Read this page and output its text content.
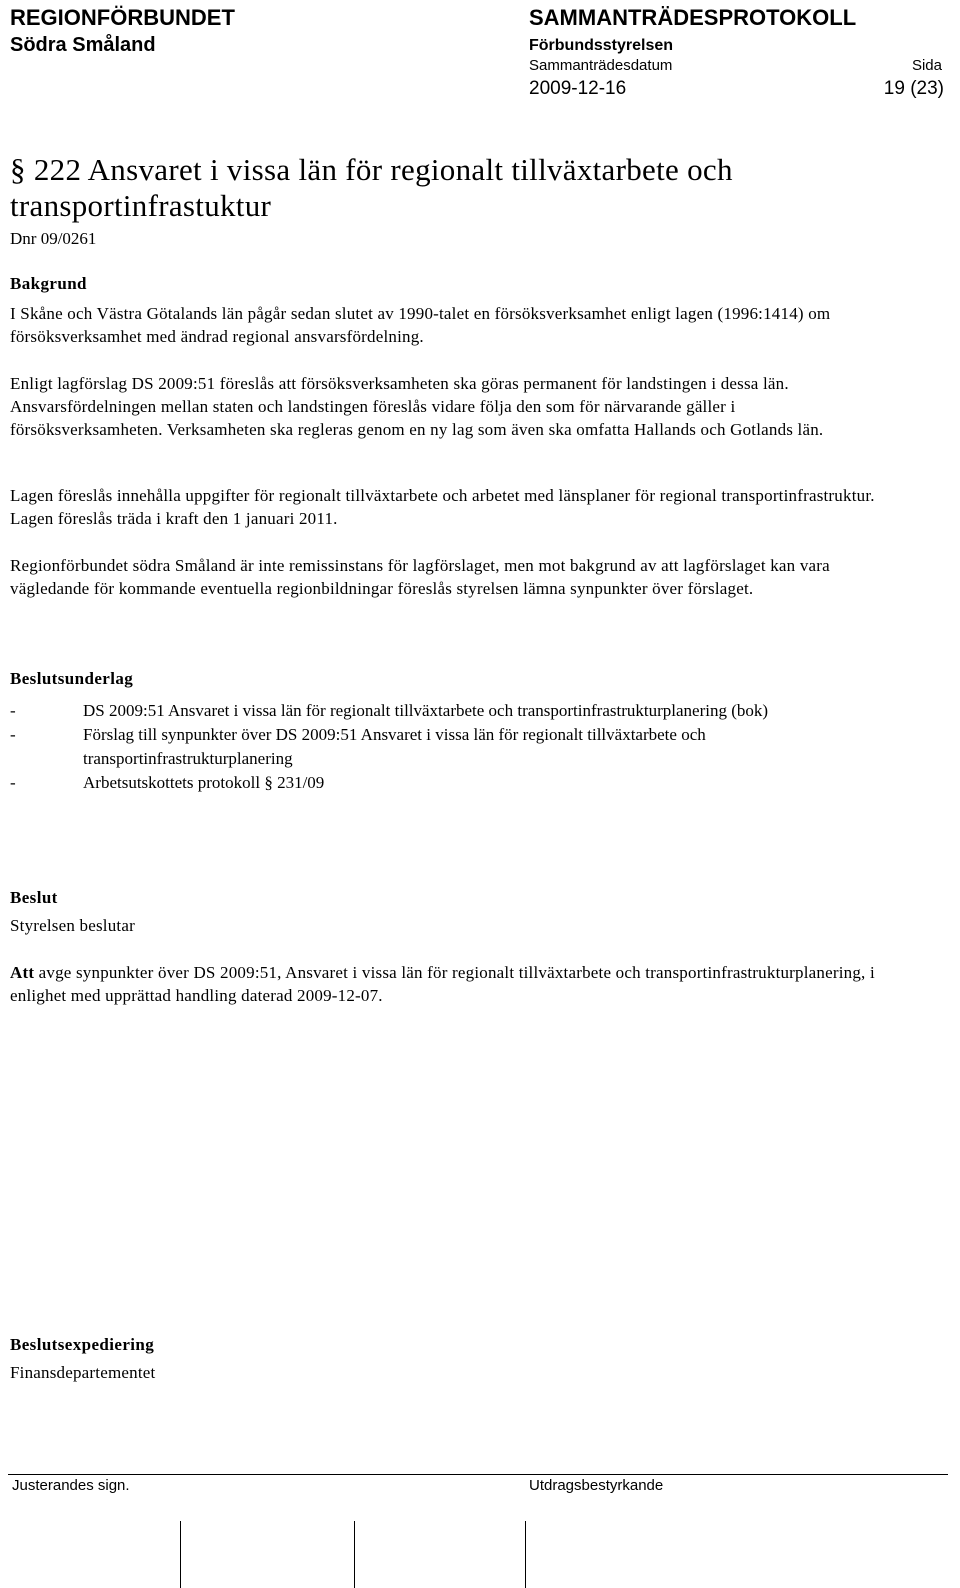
REGIONFÖRBUNDET
Södra Småland
SAMMANTRÄDESPROTOKOLL
Förbundsstyrelsen
Sammanträdesdatum	Sida
2009-12-16	19 (23)
§ 222 Ansvaret i vissa län för regionalt tillväxtarbete och transportinfrastuktur
Dnr 09/0261
Bakgrund
I Skåne och Västra Götalands län pågår sedan slutet av 1990-talet en försöksverksamhet enligt lagen (1996:1414) om försöksverksamhet med ändrad regional ansvarsfördelning.
Enligt lagförslag DS 2009:51 föreslås att försöksverksamheten ska göras permanent för landstingen i dessa län. Ansvarsfördelningen mellan staten och landstingen föreslås vidare följa den som för närvarande gäller i försöksverksamheten. Verksamheten ska regleras genom en ny lag som även ska omfatta Hallands och Gotlands län.
Lagen föreslås innehålla uppgifter för regionalt tillväxtarbete och arbetet med länsplaner för regional transportinfrastruktur. Lagen föreslås träda i kraft den 1 januari 2011.
Regionförbundet södra Småland är inte remissinstans för lagförslaget, men mot bakgrund av att lagförslaget kan vara vägledande för kommande eventuella regionbildningar föreslås styrelsen lämna synpunkter över förslaget.
Beslutsunderlag
-	DS 2009:51 Ansvaret i vissa län för regionalt tillväxtarbete och transportinfrastrukturplanering (bok)
-	Förslag till synpunkter över DS 2009:51 Ansvaret i vissa län för regionalt tillväxtarbete och transportinfrastrukturplanering
-	Arbetsutskottets protokoll § 231/09
Beslut
Styrelsen beslutar
Att avge synpunkter över DS 2009:51, Ansvaret i vissa län för regionalt tillväxtarbete och transportinfrastrukturplanering, i enlighet med upprättad handling daterad 2009-12-07.
Beslutsexpediering
Finansdepartementet
Justerandes sign.	Utdragsbestyrkande
